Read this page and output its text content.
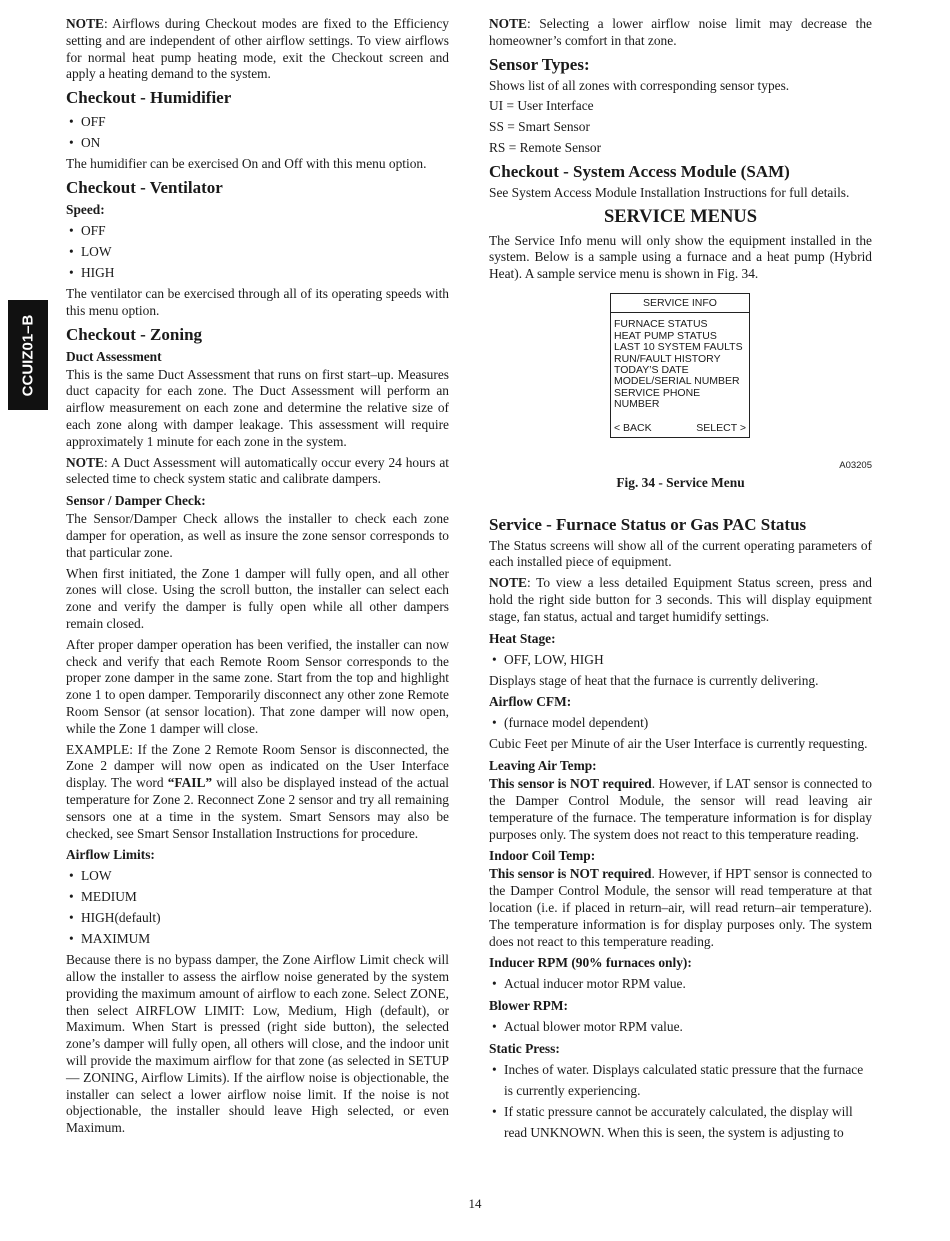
CCUIZ01–B

NOTE: Airflows during Checkout modes are fixed to the Efficiency setting and are independent of other airflow settings. To view airflows for normal heat pump heating mode, exit the Checkout screen and apply a heating demand to the system.

Checkout - Humidifier
• OFF
• ON

The humidifier can be exercised On and Off with this menu option.

Checkout - Ventilator
Speed:
• OFF
• LOW
• HIGH

The ventilator can be exercised through all of its operating speeds with this menu option.

Checkout - Zoning
Duct Assessment

This is the same Duct Assessment that runs on first start–up. Measures duct capacity for each zone. The Duct Assessment will perform an airflow measurement on each zone and determine the relative size of each zone along with damper leakage. This assessment will require approximately 1 minute for each zone in the system.

NOTE: A Duct Assessment will automatically occur every 24 hours at selected time to check system static and calibrate dampers.

Sensor / Damper Check:

The Sensor/Damper Check allows the installer to check each zone damper for operation, as well as insure the zone sensor corresponds to that particular zone.

When first initiated, the Zone 1 damper will fully open, and all other zones will close. Using the scroll button, the installer can select each zone and verify the damper is fully open while all other dampers remain closed.

After proper damper operation has been verified, the installer can now check and verify that each Remote Room Sensor corresponds to the proper zone damper in the same zone. Start from the top and highlight zone 1 to open damper. Temporarily disconnect any other zone Remote Room Sensor (at sensor location). That zone damper will now open, while the Zone 1 damper will close.

EXAMPLE: If the Zone 2 Remote Room Sensor is disconnected, the Zone 2 damper will now open as indicated on the User Interface display. The word “FAIL” will also be displayed instead of the actual temperature for Zone 2. Reconnect Zone 2 sensor and try all remaining sensors one at a time in the system. Smart Sensors may also be checked, see Smart Sensor Installation Instructions for procedure.

Airflow Limits:
• LOW
• MEDIUM
• HIGH(default)
• MAXIMUM

Because there is no bypass damper, the Zone Airflow Limit check will allow the installer to assess the airflow noise generated by the system providing the maximum amount of airflow to each zone. Select ZONE, then select AIRFLOW LIMIT: Low, Medium, High (default), or Maximum. When Start is pressed (right side button), the selected zone’s damper will fully open, all others will close, and the indoor unit will provide the maximum airflow for that zone (as selected in SETUP — ZONING, Airflow Limits). If the airflow noise is objectionable, the installer can select a lower airflow noise limit. If the noise is not objectionable, the installer should leave High selected, or even Maximum.

NOTE: Selecting a lower airflow noise limit may decrease the homeowner’s comfort in that zone.

Sensor Types:

Shows list of all zones with corresponding sensor types.

UI = User Interface

SS = Smart Sensor

RS = Remote Sensor

Checkout - System Access Module (SAM)

See System Access Module Installation Instructions for full details.

SERVICE MENUS

The Service Info menu will only show the equipment installed in the system. Below is a sample using a furnace and a heat pump (Hybrid Heat). A sample service menu is shown in Fig. 34.

SERVICE INFO
FURNACE STATUS
HEAT PUMP STATUS
LAST 10 SYSTEM FAULTS
RUN/FAULT HISTORY
TODAY’S DATE
MODEL/SERIAL NUMBER
SERVICE PHONE NUMBER
< BACK	SELECT >
A03205

Fig. 34 - Service Menu

Service - Furnace Status or Gas PAC Status

The Status screens will show all of the current operating parameters of each installed piece of equipment.

NOTE: To view a less detailed Equipment Status screen, press and hold the right side button for 3 seconds. This will display equipment stage, fan status, actual and target humidify settings.

Heat Stage:
• OFF, LOW, HIGH

Displays stage of heat that the furnace is currently delivering.

Airflow CFM:
• (furnace model dependent)

Cubic Feet per Minute of air the User Interface is currently requesting.

Leaving Air Temp:

This sensor is NOT required. However, if LAT sensor is connected to the Damper Control Module, the sensor will read leaving air temperature of the furnace. The temperature information is for display purposes only. The system does not react to this temperature reading.

Indoor Coil Temp:

This sensor is NOT required. However, if HPT sensor is connected to the Damper Control Module, the sensor will read temperature at that location (i.e. if placed in return–air, will read return–air temperature). The temperature information is for display purposes only. The system does not react to this temperature reading.

Inducer RPM (90% furnaces only):
• Actual inducer motor RPM value.
Blower RPM:
• Actual blower motor RPM value.
Static Press:
• Inches of water. Displays calculated static pressure that the furnace is currently experiencing.
• If static pressure cannot be accurately calculated, the display will read UNKNOWN. When this is seen, the system is adjusting to
14
